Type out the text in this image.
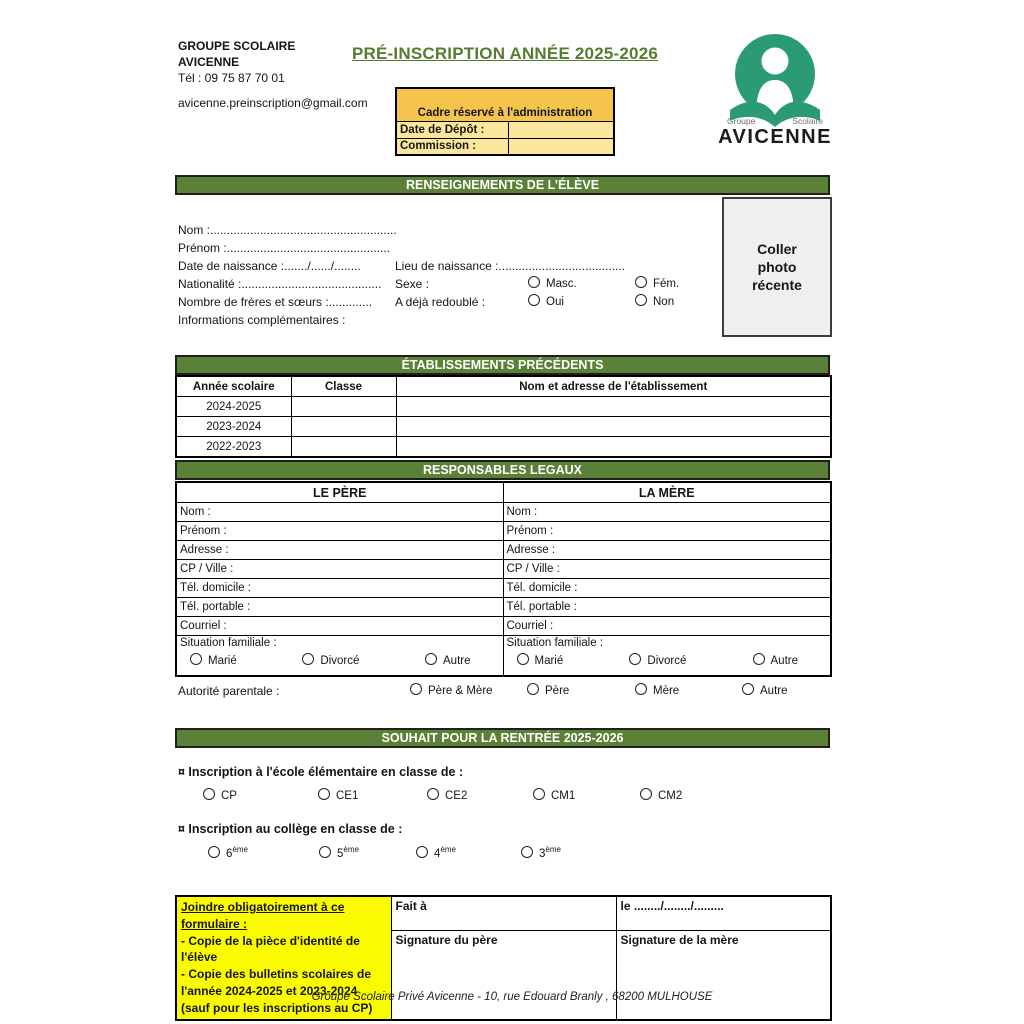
GROUPE SCOLAIRE
AVICENNE
Tél : 09 75 87 70 01
avicenne.preinscription@gmail.com
PRÉ-INSCRIPTION ANNÉE 2025-2026
Cadre réservé à l'administration	
Date de Dépôt :	
Commission :	
Groupe	Scolaire
AVICENNE
RENSEIGNEMENTS DE L’ÉLÈVE
Nom :........................................................
Prénom :.................................................
Date de naissance :......./....../........	Lieu de naissance :......................................
Nationalité :.......................................... Sexe :	Masc.	Fém.
Nombre de frères et sœurs :............. A déjà redoublé :	Oui	Non
Informations complémentaires :
Coller photo récente
ÉTABLISSEMENTS PRÉCÉDENTS
Année scolaire	Classe	Nom et adresse de l'établissement
2024-2025		
2023-2024		
2022-2023		
RESPONSABLES LEGAUX
LE PÈRE	LA MÈRE
Nom :	Nom :
Prénom :	Prénom :
Adresse :	Adresse :
CP / Ville :	CP / Ville :
Tél. domicile :	Tél. domicile :
Tél. portable :	Tél. portable :
Courriel :	Courriel :

Situation familiale :
Marié	Divorcé	Autre

Situation familiale :
Marié	Divorcé	Autre
Autorité parentale :	Père & Mère	Père	Mère	Autre
SOUHAIT POUR LA RENTRÉE 2025-2026
¤ Inscription à l'école élémentaire en classe de :
CP	CE1	CE2	CM1	CM2
¤ Inscription au collège en classe de :
6ème	5ème	4ème	3ème
Joindre obligatoirement à ce formulaire :
- Copie de la pièce d'identité de l'élève
- Copie des bulletins scolaires de l'année 2024-2025 et 2023-2024 (sauf pour les inscriptions au CP)	Fait à	le ......../......../.........
	Signature du père	Signature de la mère
Groupe Scolaire Privé Avicenne - 10, rue Edouard Branly , 68200 MULHOUSE
